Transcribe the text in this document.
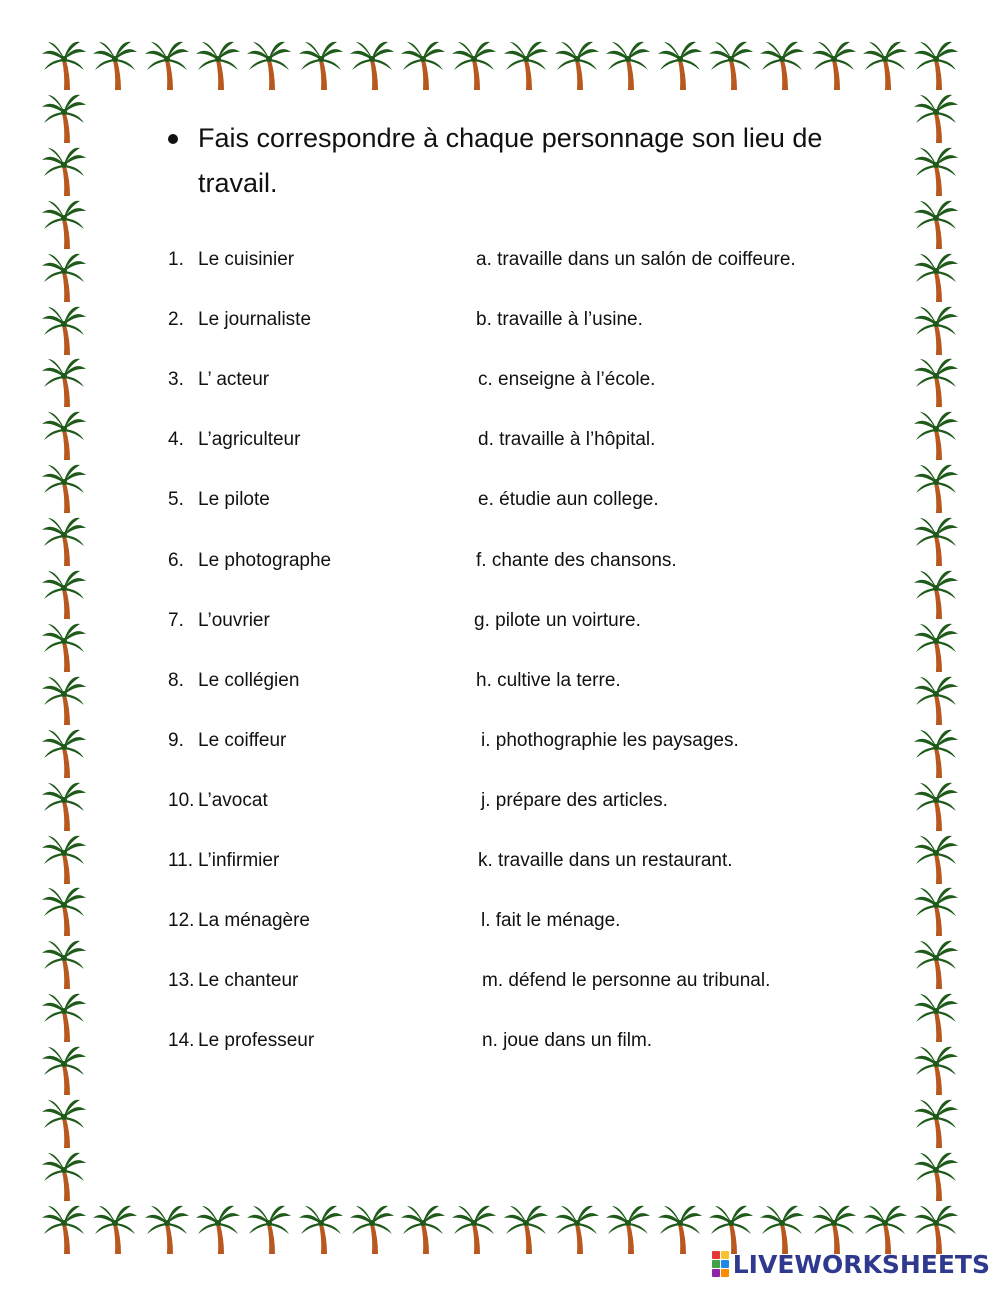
Fais correspondre à chaque personnage son lieu de travail.
1. Le cuisinier	a. travaille dans un salón de coiffeure.
2. Le journaliste	b. travaille à l’usine.
3. L’ acteur	c. enseigne à l’école.
4. L’agriculteur	d. travaille à l’hôpital.
5. Le pilote	e. étudie aun college.
6. Le photographe	f. chante des chansons.
7. L’ouvrier	g. pilote un voirture.
8. Le collégien	h. cultive la terre.
9. Le coiffeur	i. phothographie les paysages.
10. L’avocat	j. prépare des articles.
11. L’infirmier	k. travaille dans un restaurant.
12. La ménagère	l. fait le ménage.
13. Le chanteur	m. défend le personne au tribunal.
14. Le professeur	n. joue dans un film.
LIVEWORKSHEETS
